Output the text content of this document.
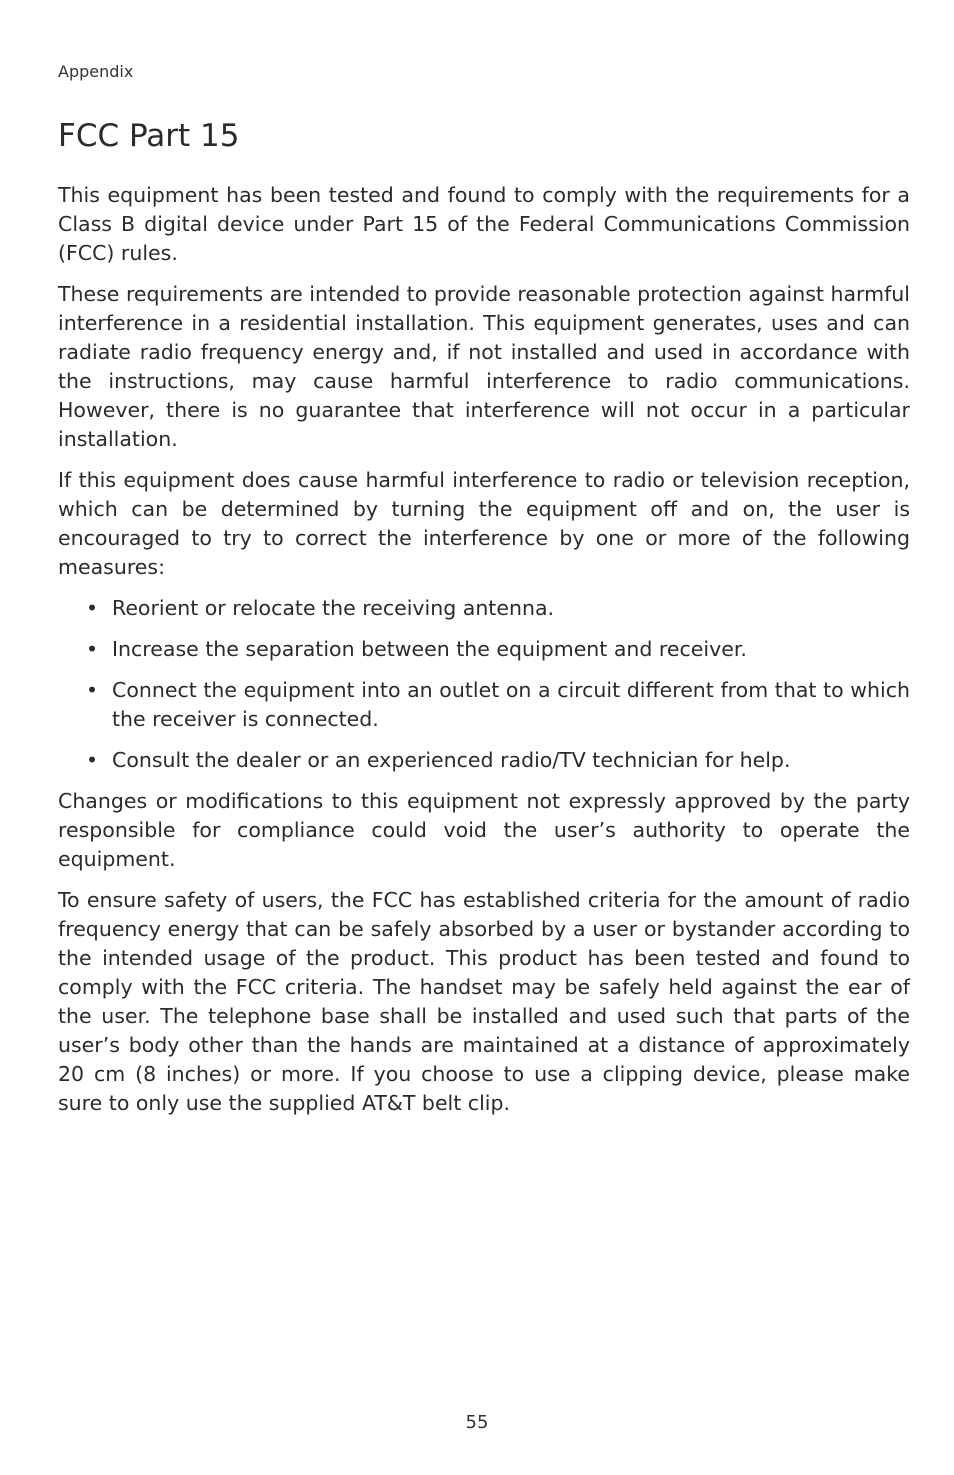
Appendix
FCC Part 15

This equipment has been tested and found to comply with the requirements for a Class B digital device under Part 15 of the Federal Communications Commission (FCC) rules.

These requirements are intended to provide reasonable protection against harmful interference in a residential installation. This equipment generates, uses and can radiate radio frequency energy and, if not installed and used in accordance with the instructions, may cause harmful interference to radio communications. However, there is no guarantee that interference will not occur in a particular installation.

If this equipment does cause harmful interference to radio or television reception, which can be determined by turning the equipment off and on, the user is encouraged to try to correct the interference by one or more of the following measures:

• Reorient or relocate the receiving antenna.
• Increase the separation between the equipment and receiver.
• Connect the equipment into an outlet on a circuit different from that to which the receiver is connected.
• Consult the dealer or an experienced radio/TV technician for help.

Changes or modifications to this equipment not expressly approved by the party responsible for compliance could void the user’s authority to operate the equipment.

To ensure safety of users, the FCC has established criteria for the amount of radio frequency energy that can be safely absorbed by a user or bystander according to the intended usage of the product. This product has been tested and found to comply with the FCC criteria. The handset may be safely held against the ear of the user. The telephone base shall be installed and used such that parts of the user’s body other than the hands are maintained at a distance of approximately 20 cm (8 inches) or more. If you choose to use a clipping device, please make sure to only use the supplied AT&T belt clip.

55
